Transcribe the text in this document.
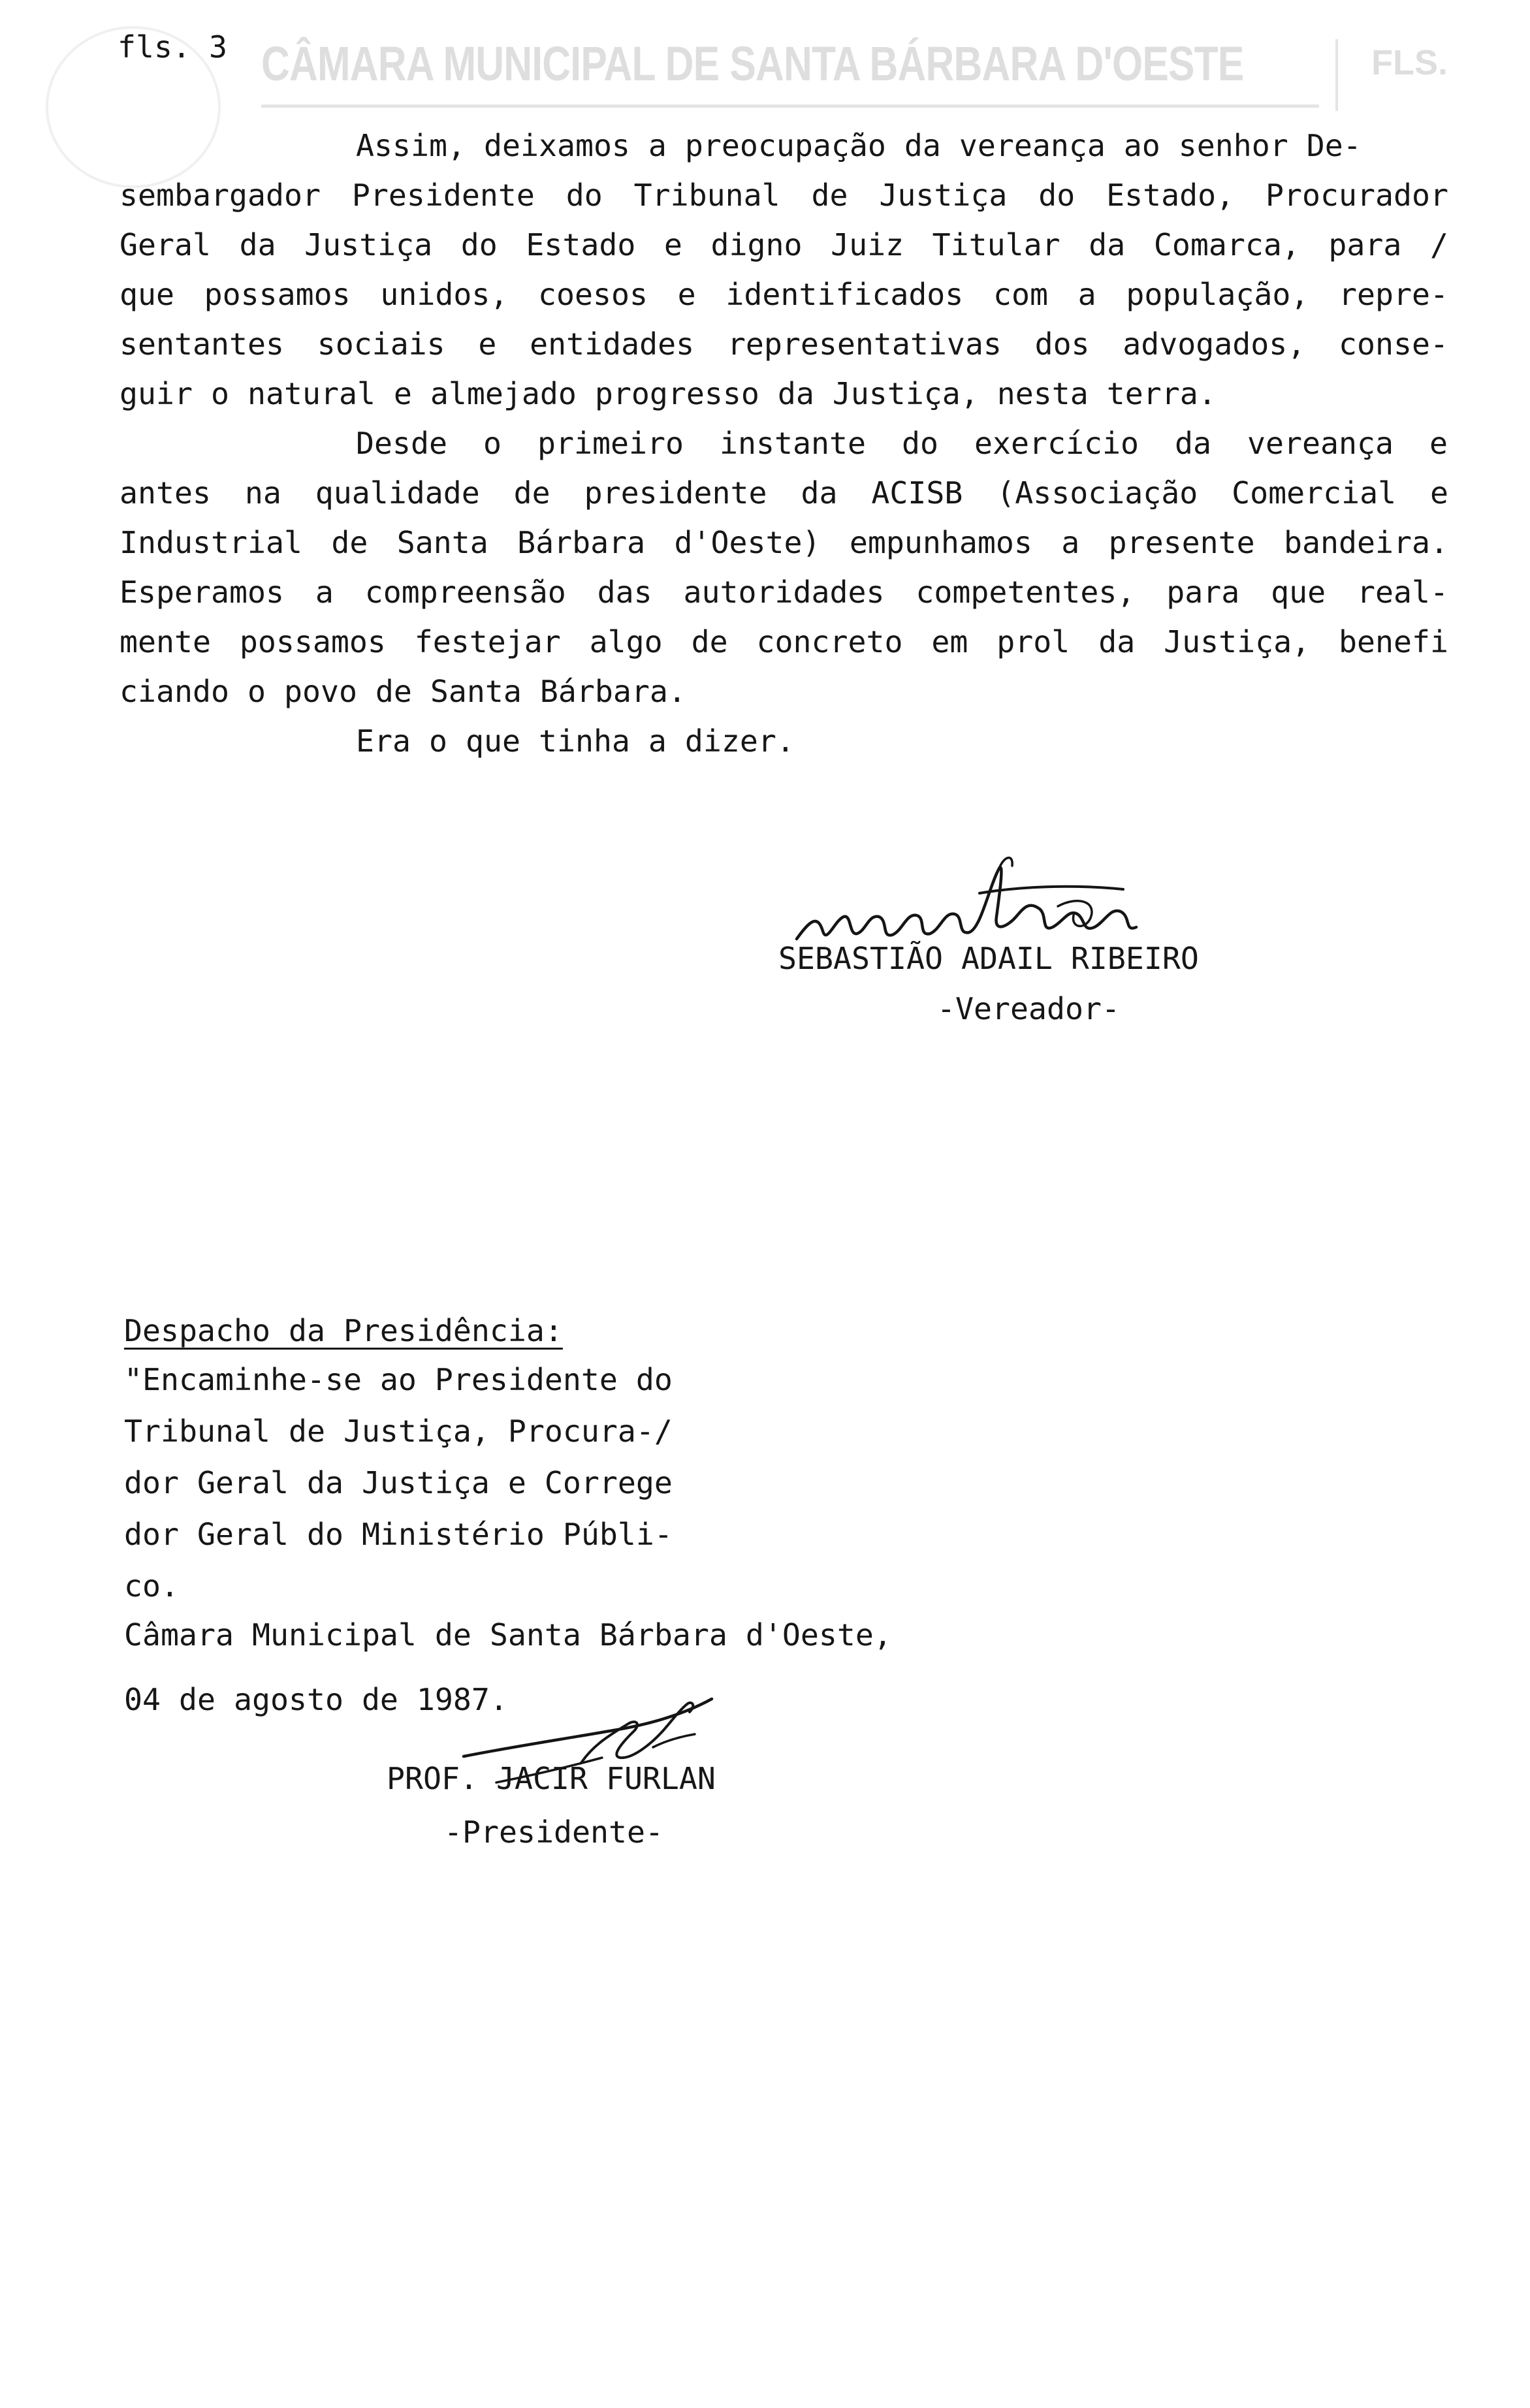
CÂMARA MUNICIPAL DE SANTA BÁRBARA D'OESTE	FLS.
fls. 3
Assim, deixamos a preocupação da vereança ao senhor De-
sembargador Presidente do Tribunal de Justiça do Estado, Procurador
Geral da Justiça do Estado e digno Juiz Titular da Comarca, para /
que possamos unidos, coesos e identificados com a população, repre-
sentantes sociais e entidades representativas dos advogados, conse-
guir o natural e almejado progresso da Justiça, nesta terra.
Desde o primeiro instante do exercício da vereança e
antes na qualidade de presidente da ACISB (Associação Comercial e
Industrial de Santa Bárbara d'Oeste) empunhamos a presente bandeira.
Esperamos a compreensão das autoridades competentes, para que real-
mente possamos festejar algo de concreto em prol da Justiça, benefi
ciando o povo de Santa Bárbara.
Era o que tinha a dizer.
SEBASTIÃO ADAIL RIBEIRO
-Vereador-
Despacho da Presidência:
"Encaminhe-se ao Presidente do
Tribunal de Justiça, Procura-/
dor Geral da Justiça e Correge
dor Geral do Ministério Públi-
co.
Câmara Municipal de Santa Bárbara d'Oeste,
04 de agosto de 1987.
PROF. JACIR FURLAN
-Presidente-
